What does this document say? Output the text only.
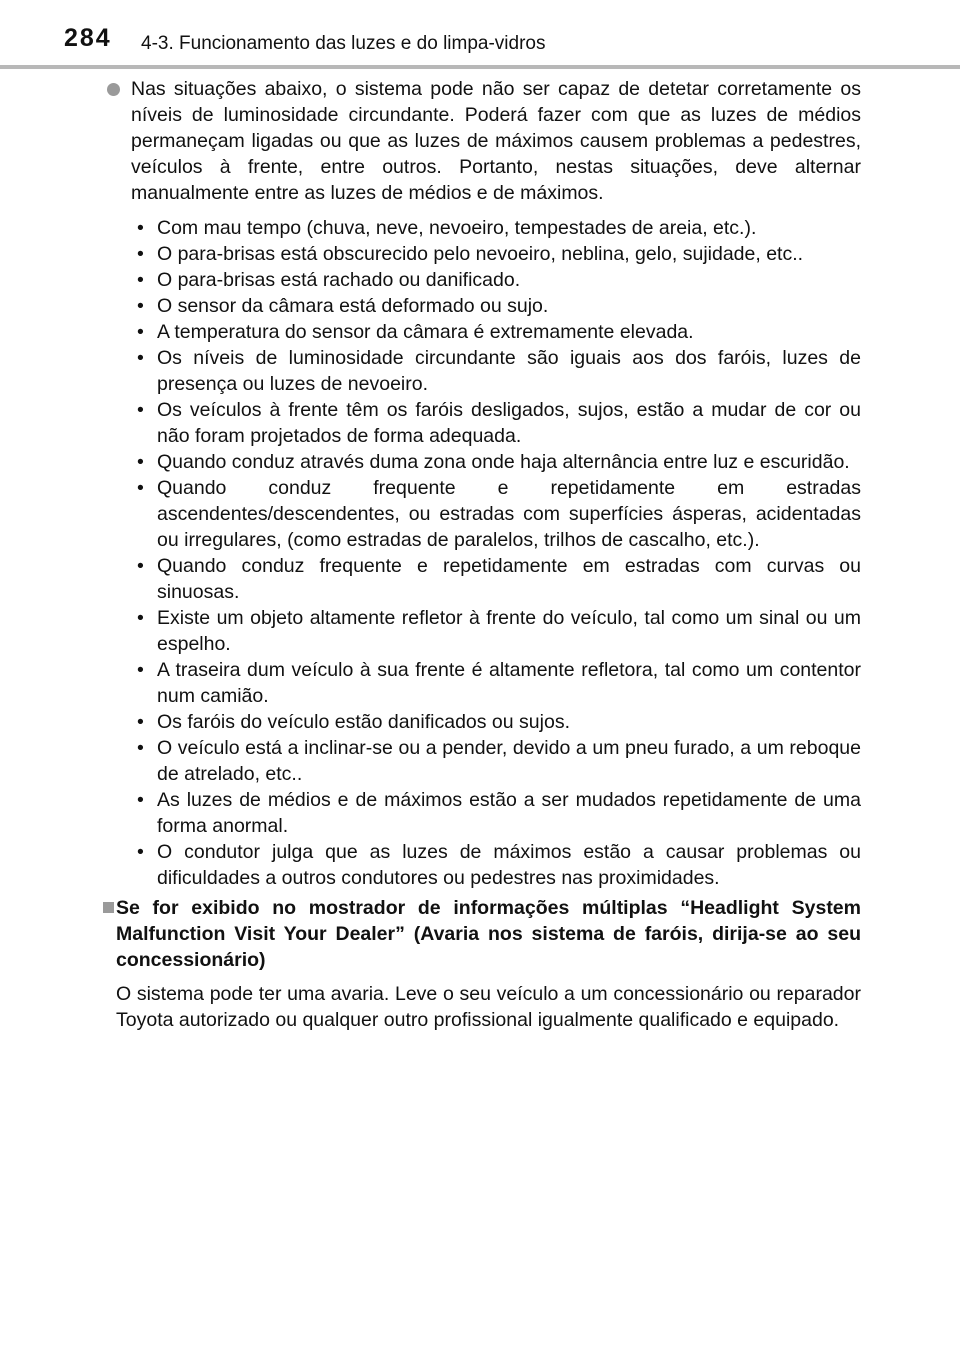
284 4-3. Funcionamento das luzes e do limpa-vidros

Nas situações abaixo, o sistema pode não ser capaz de detetar corretamente os níveis de luminosidade circundante. Poderá fazer com que as luzes de médios permaneçam ligadas ou que as luzes de máximos causem problemas a pedestres, veículos à frente, entre outros. Portanto, nestas situações, deve alternar manualmente entre as luzes de médios e de máximos.

• Com mau tempo (chuva, neve, nevoeiro, tempestades de areia, etc.).
• O para-brisas está obscurecido pelo nevoeiro, neblina, gelo, sujidade, etc..
• O para-brisas está rachado ou danificado.
• O sensor da câmara está deformado ou sujo.
• A temperatura do sensor da câmara é extremamente elevada.
• Os níveis de luminosidade circundante são iguais aos dos faróis, luzes de presença ou luzes de nevoeiro.
• Os veículos à frente têm os faróis desligados, sujos, estão a mudar de cor ou não foram projetados de forma adequada.
• Quando conduz através duma zona onde haja alternância entre luz e escuridão.
• Quando conduz frequente e repetidamente em estradas ascendentes/descendentes, ou estradas com superfícies ásperas, acidentadas ou irregulares, (como estradas de paralelos, trilhos de cascalho, etc.).
• Quando conduz frequente e repetidamente em estradas com curvas ou sinuosas.
• Existe um objeto altamente refletor à frente do veículo, tal como um sinal ou um espelho.
• A traseira dum veículo à sua frente é altamente refletora, tal como um contentor num camião.
• Os faróis do veículo estão danificados ou sujos.
• O veículo está a inclinar-se ou a pender, devido a um pneu furado, a um reboque de atrelado, etc..
• As luzes de médios e de máximos estão a ser mudados repetidamente de uma forma anormal.
• O condutor julga que as luzes de máximos estão a causar problemas ou dificuldades a outros condutores ou pedestres nas proximidades.

Se for exibido no mostrador de informações múltiplas “Headlight System Malfunction Visit Your Dealer” (Avaria nos sistema de faróis, dirija-se ao seu concessionário)

O sistema pode ter uma avaria. Leve o seu veículo a um concessionário ou reparador Toyota autorizado ou qualquer outro profissional igualmente qualificado e equipado.
